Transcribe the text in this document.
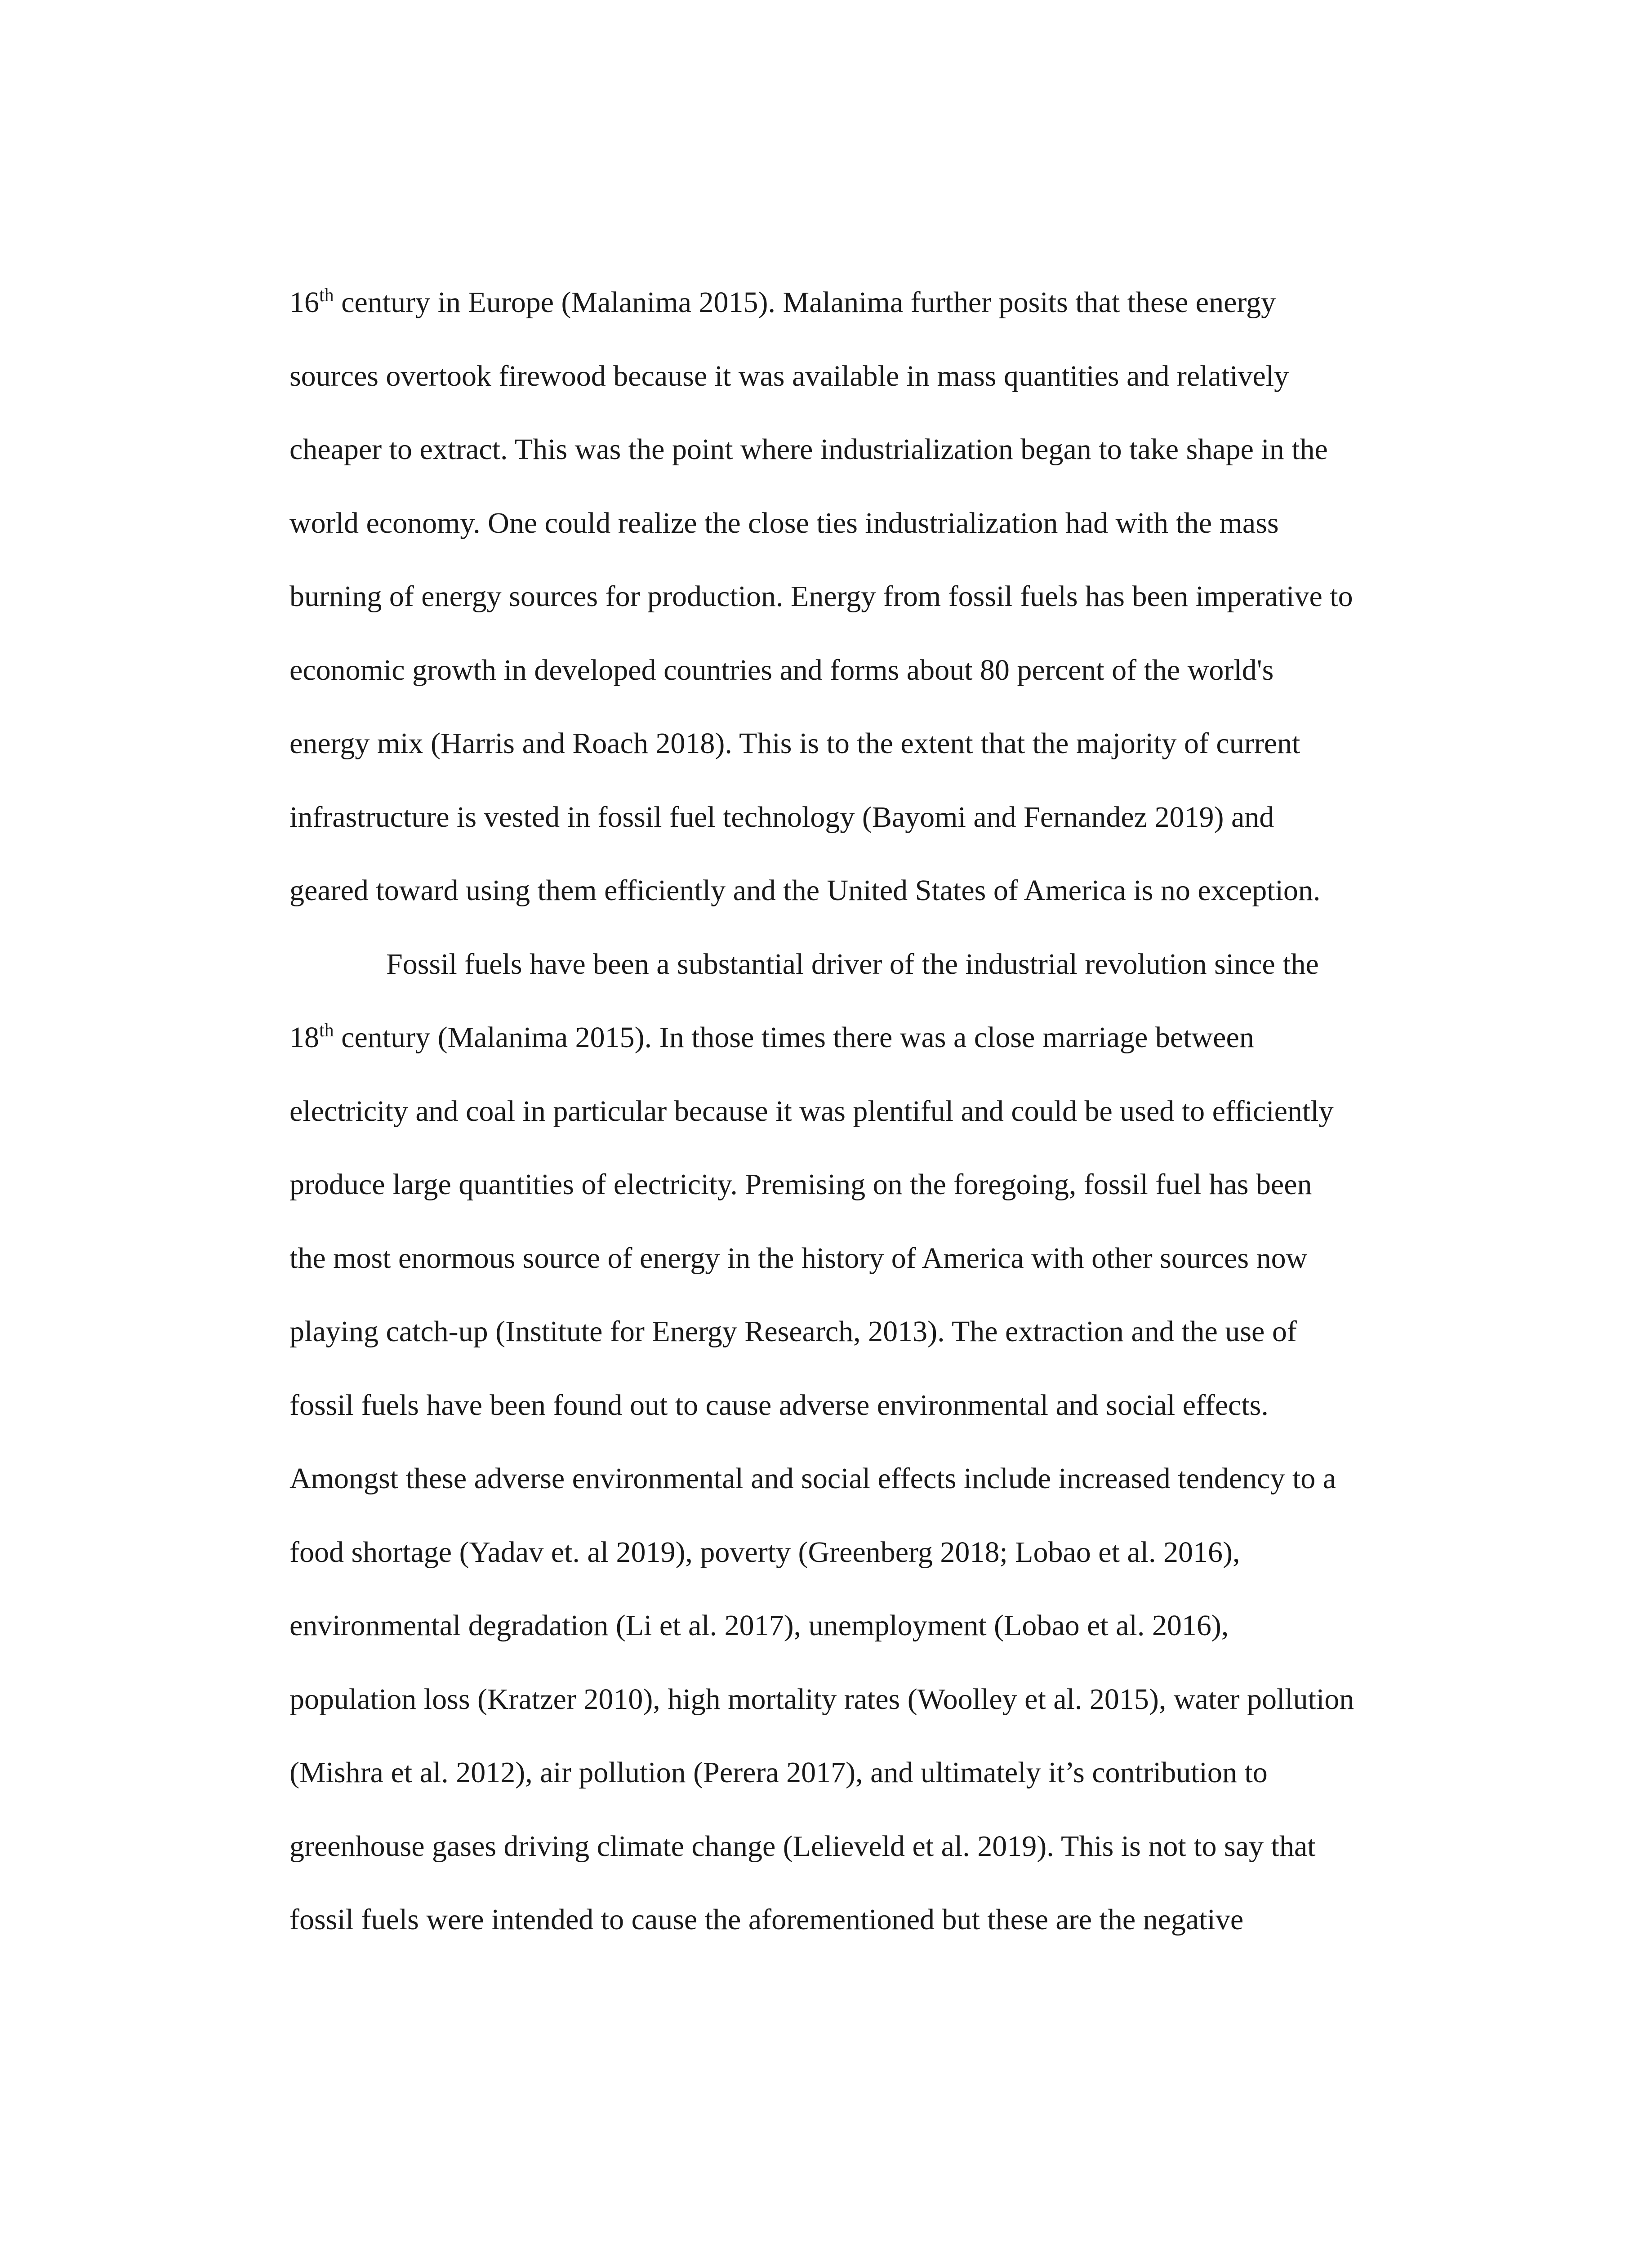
16th century in Europe (Malanima 2015). Malanima further posits that these energy
sources overtook firewood because it was available in mass quantities and relatively
cheaper to extract. This was the point where industrialization began to take shape in the
world economy. One could realize the close ties industrialization had with the mass
burning of energy sources for production. Energy from fossil fuels has been imperative to
economic growth in developed countries and forms about 80 percent of the world's
energy mix (Harris and Roach 2018). This is to the extent that the majority of current
infrastructure is vested in fossil fuel technology (Bayomi and Fernandez 2019) and
geared toward using them efficiently and the United States of America is no exception.
Fossil fuels have been a substantial driver of the industrial revolution since the
18th century (Malanima 2015). In those times there was a close marriage between
electricity and coal in particular because it was plentiful and could be used to efficiently
produce large quantities of electricity. Premising on the foregoing, fossil fuel has been
the most enormous source of energy in the history of America with other sources now
playing catch-up (Institute for Energy Research, 2013). The extraction and the use of
fossil fuels have been found out to cause adverse environmental and social effects.
Amongst these adverse environmental and social effects include increased tendency to a
food shortage (Yadav et. al 2019), poverty (Greenberg 2018; Lobao et al. 2016),
environmental degradation (Li et al. 2017), unemployment (Lobao et al. 2016),
population loss (Kratzer 2010), high mortality rates (Woolley et al. 2015), water pollution
(Mishra et al. 2012), air pollution (Perera 2017), and ultimately it’s contribution to
greenhouse gases driving climate change (Lelieveld et al. 2019). This is not to say that
fossil fuels were intended to cause the aforementioned but these are the negative
